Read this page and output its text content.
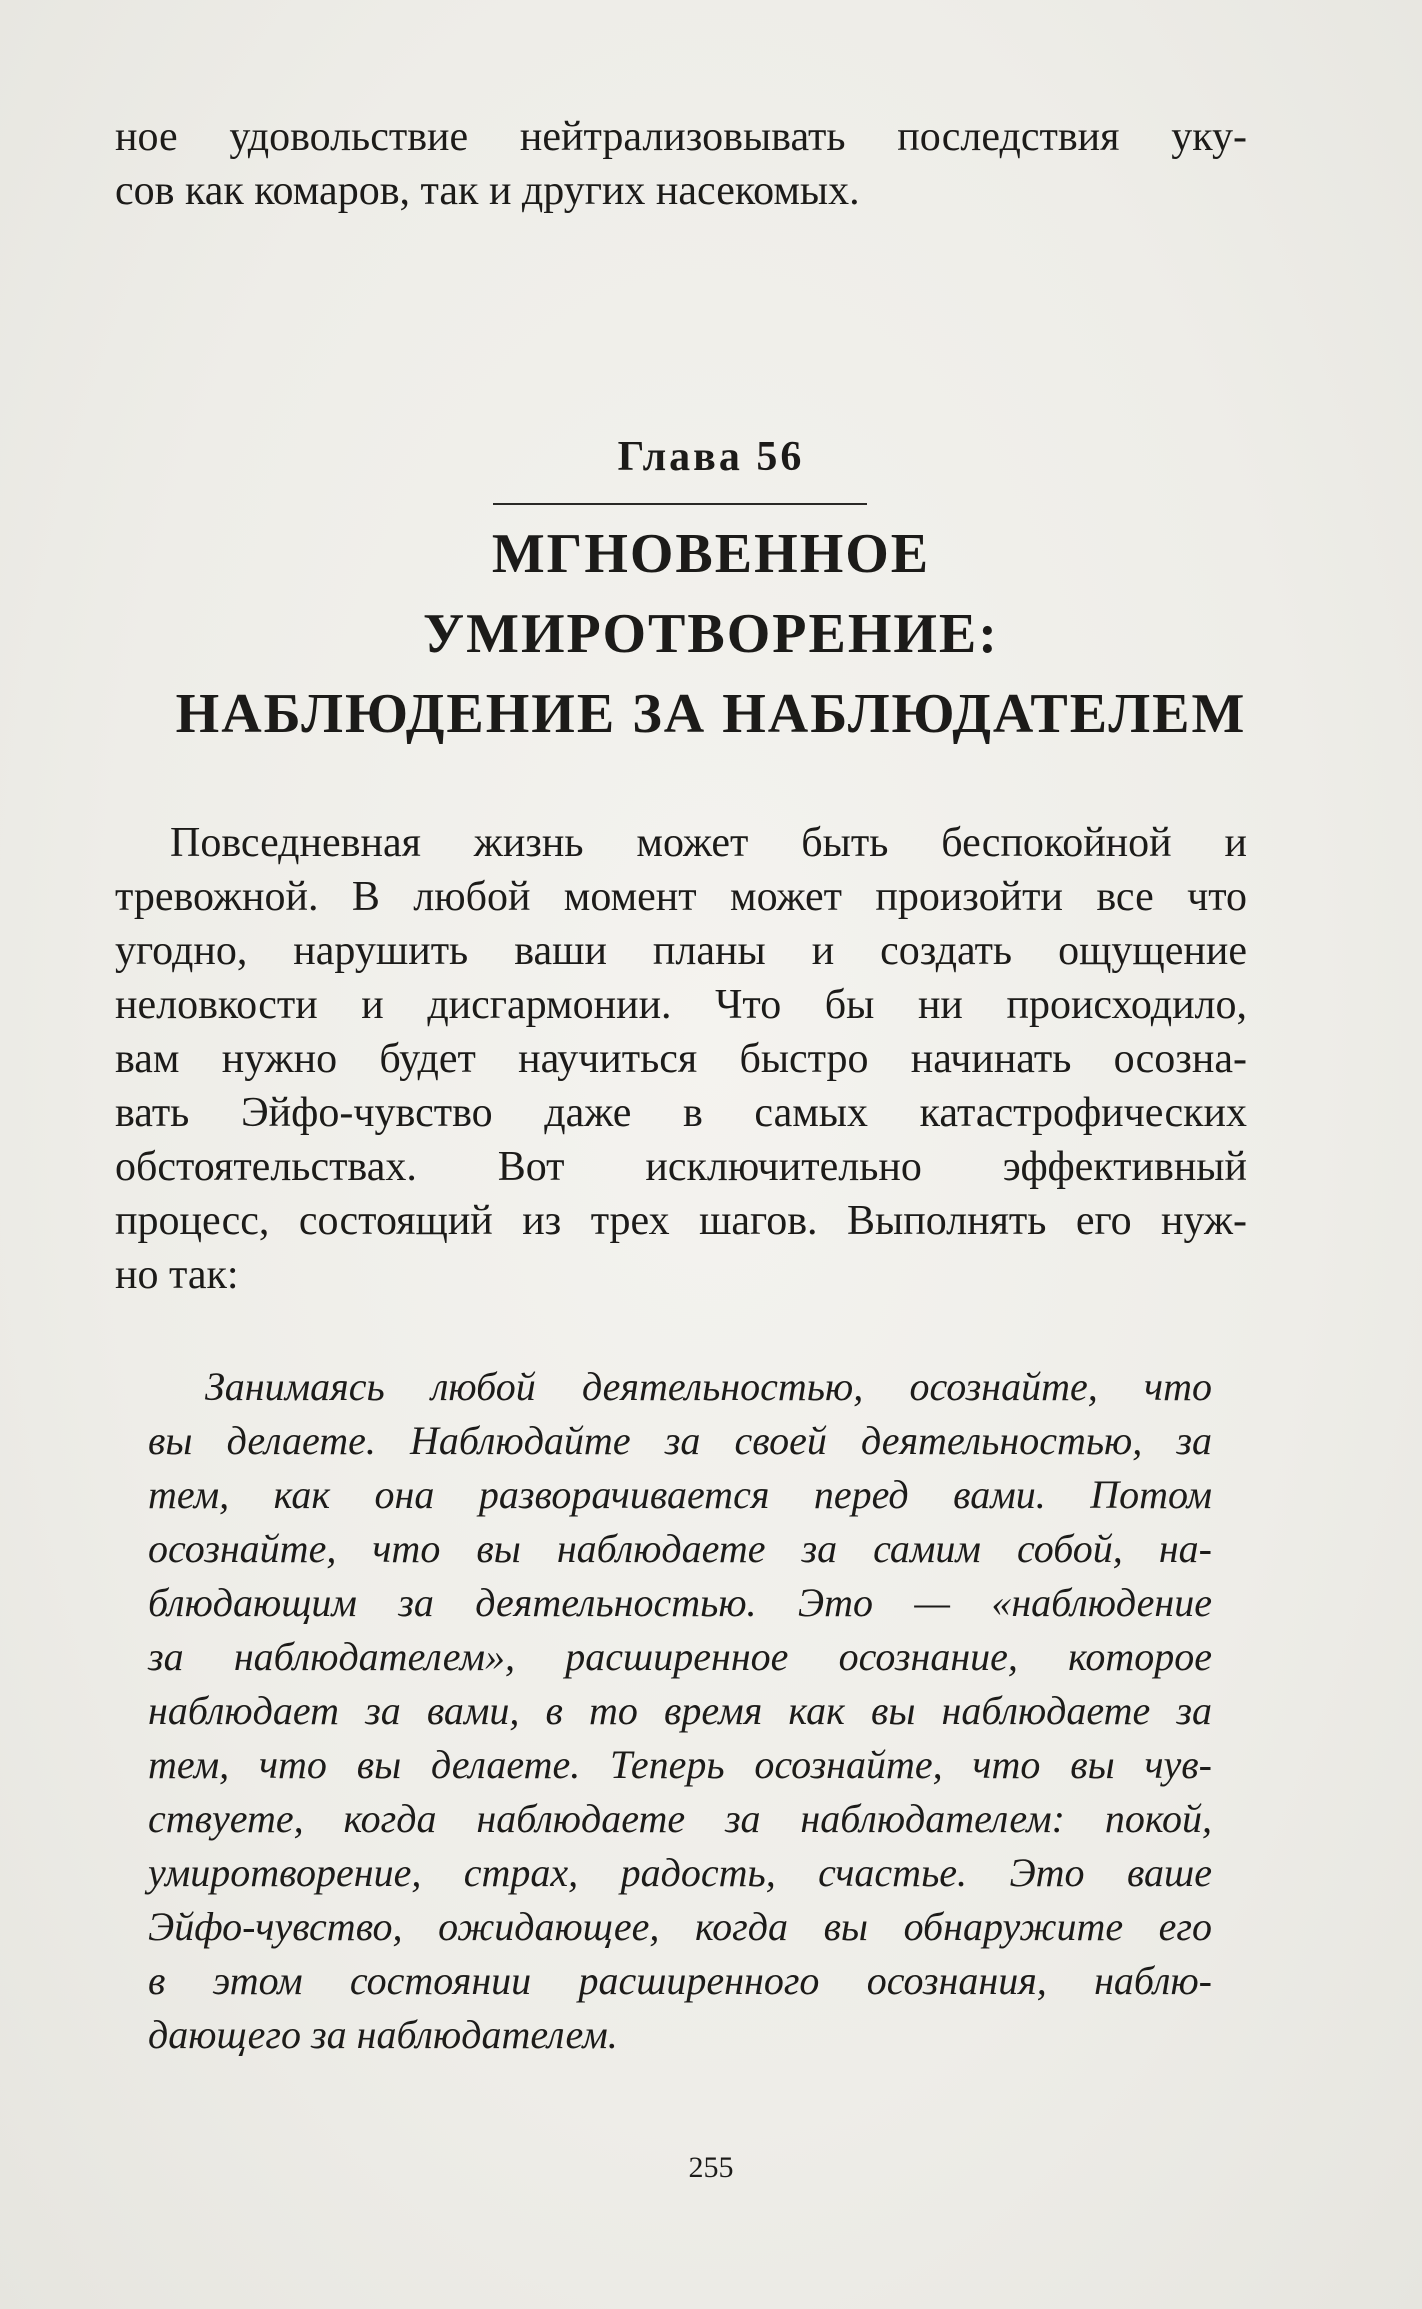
ное удовольствие нейтрализовывать последствия уку-
сов как комаров, так и других насекомых.
Глава 56
МГНОВЕННОЕ
УМИРОТВОРЕНИЕ:
НАБЛЮДЕНИЕ ЗА НАБЛЮДАТЕЛЕМ
Повседневная жизнь может быть беспокойной и
тревожной. В любой момент может произойти все что
угодно, нарушить ваши планы и создать ощущение
неловкости и дисгармонии. Что бы ни происходило,
вам нужно будет научиться быстро начинать осозна-
вать Эйфо-чувство даже в самых катастрофических
обстоятельствах. Вот исключительно эффективный
процесс, состоящий из трех шагов. Выполнять его нуж-
но так:
Занимаясь любой деятельностью, осознайте, что
вы делаете. Наблюдайте за своей деятельностью, за
тем, как она разворачивается перед вами. Потом
осознайте, что вы наблюдаете за самим собой, на-
блюдающим за деятельностью. Это — «наблюдение
за наблюдателем», расширенное осознание, которое
наблюдает за вами, в то время как вы наблюдаете за
тем, что вы делаете. Теперь осознайте, что вы чув-
ствуете, когда наблюдаете за наблюдателем: покой,
умиротворение, страх, радость, счастье. Это ваше
Эйфо-чувство, ожидающее, когда вы обнаружите его
в этом состоянии расширенного осознания, наблю-
дающего за наблюдателем.
255
